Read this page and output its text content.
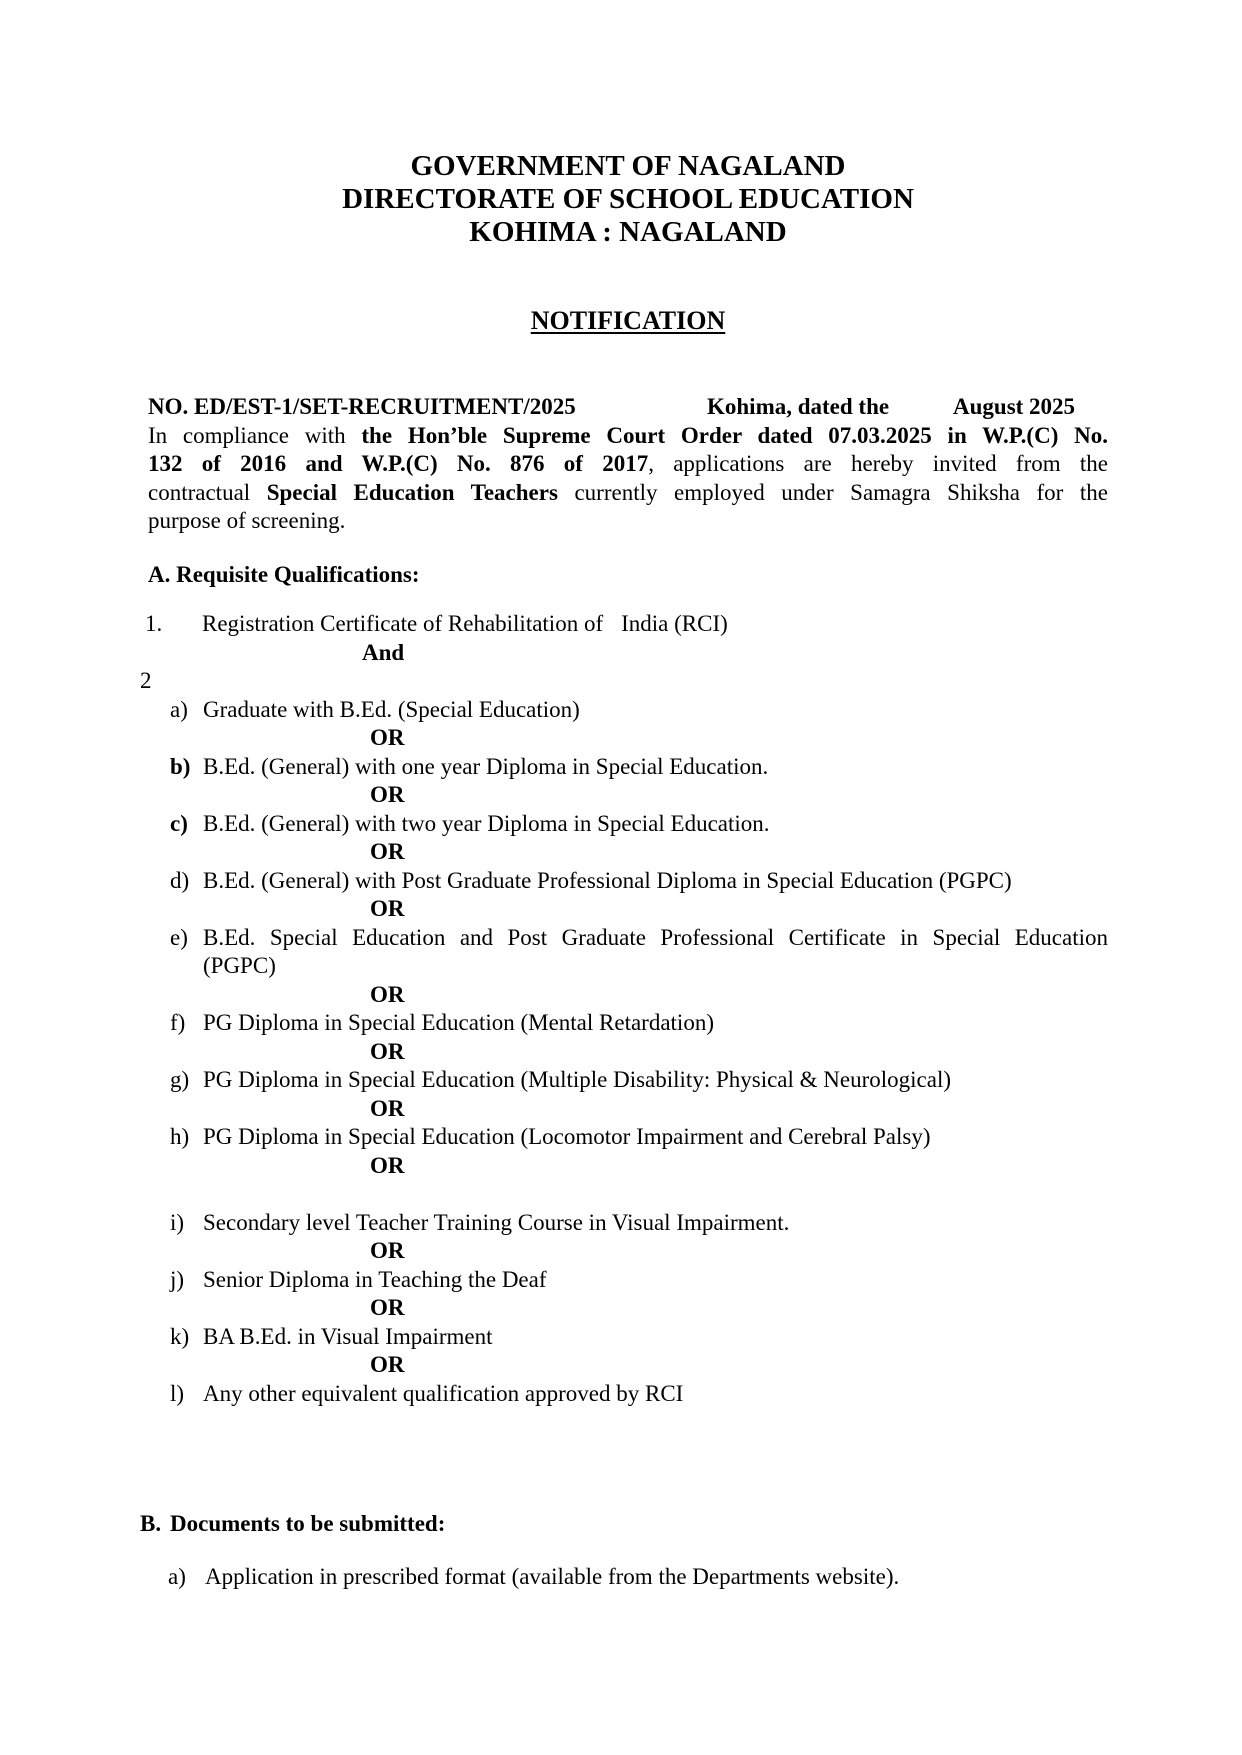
GOVERNMENT OF NAGALAND
DIRECTORATE OF SCHOOL EDUCATION
KOHIMA : NAGALAND
NOTIFICATION
NO. ED/EST-1/SET-RECRUITMENT/2025	Kohima, dated the	August 2025
In compliance with the Hon’ble Supreme Court Order dated 07.03.2025 in W.P.(C) No.
132 of 2016 and W.P.(C) No. 876 of 2017, applications are hereby invited from the
contractual Special Education Teachers currently employed under Samagra Shiksha for the
purpose of screening.
A. Requisite Qualifications:
1. Registration Certificate of Rehabilitation of India (RCI)
And
2
a) Graduate with B.Ed. (Special Education)
OR
b) B.Ed. (General) with one year Diploma in Special Education.
OR
c) B.Ed. (General) with two year Diploma in Special Education.
OR
d) B.Ed. (General) with Post Graduate Professional Diploma in Special Education (PGPC)
OR
e) B.Ed. Special Education and Post Graduate Professional Certificate in Special Education
(PGPC)
OR
f) PG Diploma in Special Education (Mental Retardation)
OR
g) PG Diploma in Special Education (Multiple Disability: Physical & Neurological)
OR
h) PG Diploma in Special Education (Locomotor Impairment and Cerebral Palsy)
OR
i) Secondary level Teacher Training Course in Visual Impairment.
OR
j) Senior Diploma in Teaching the Deaf
OR
k) BA B.Ed. in Visual Impairment
OR
l) Any other equivalent qualification approved by RCI
B. Documents to be submitted:
a) Application in prescribed format (available from the Departments website).
